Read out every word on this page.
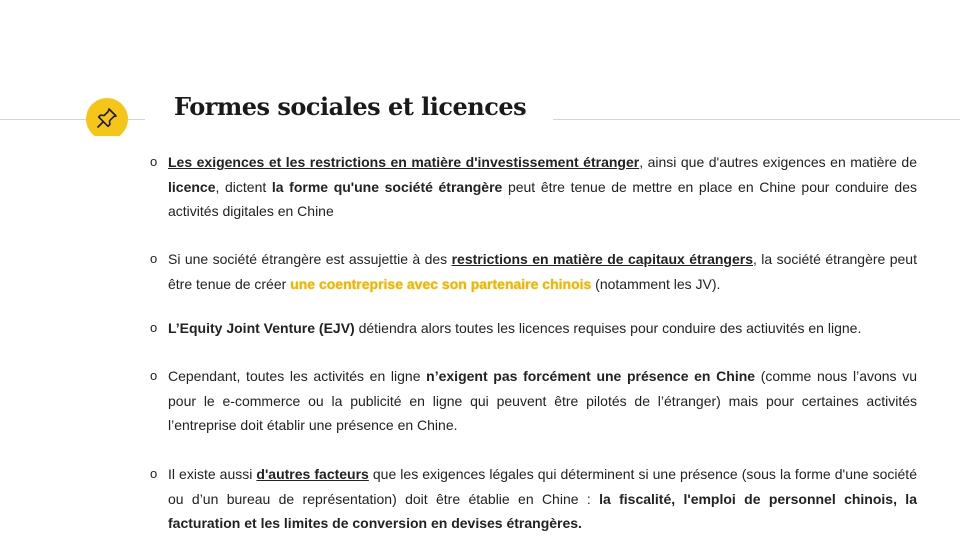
Formes sociales et licences
o Les exigences et les restrictions en matière d'investissement étranger, ainsi que d'autres exigences en matière de licence, dictent la forme qu'une société étrangère peut être tenue de mettre en place en Chine pour conduire des activités digitales en Chine
o Si une société étrangère est assujettie à des restrictions en matière de capitaux étrangers, la société étrangère peut être tenue de créer une coentreprise avec son partenaire chinois (notamment les JV).
o L’Equity Joint Venture (EJV) détiendra alors toutes les licences requises pour conduire des actiuvités en ligne.
o Cependant, toutes les activités en ligne n’exigent pas forcément une présence en Chine (comme nous l’avons vu pour le e-commerce ou la publicité en ligne qui peuvent être pilotés de l’étranger) mais pour certaines activités l’entreprise doit établir une présence en Chine.
o Il existe aussi d'autres facteurs que les exigences légales qui déterminent si une présence (sous la forme d'une société ou d’un bureau de représentation) doit être établie en Chine : la fiscalité, l'emploi de personnel chinois, la facturation et les limites de conversion en devises étrangères.
